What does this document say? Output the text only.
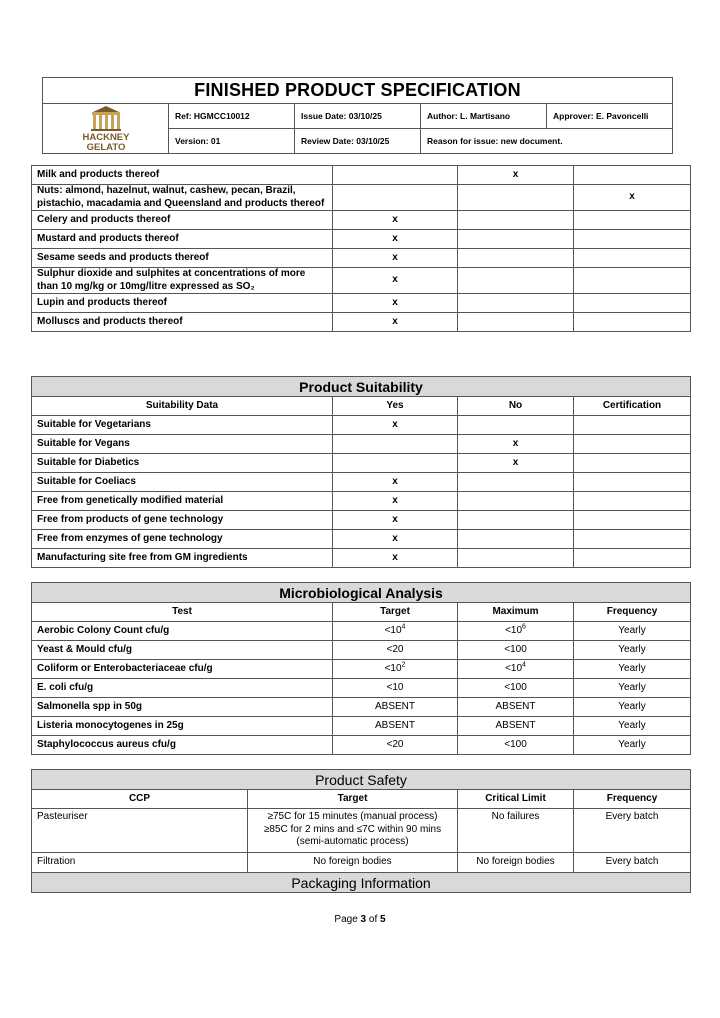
FINISHED PRODUCT SPECIFICATION				

HACKNEY
GELATO	Ref: HGMCC10012	Issue Date: 03/10/25	Author: L. Martisano	Approver: E. Pavoncelli
	Version: 01	Review Date: 03/10/25	Reason for issue: new document.	
Milk and products thereof		x	
Nuts: almond, hazelnut, walnut, cashew, pecan, Brazil, pistachio, macadamia and Queensland and products thereof			x
Celery and products thereof	x		
Mustard and products thereof	x		
Sesame seeds and products thereof	x		
Sulphur dioxide and sulphites at concentrations of more than 10 mg/kg or 10mg/litre expressed as SO₂	x		
Lupin and products thereof	x		
Molluscs and products thereof	x		
Product Suitability			
Suitability Data	Yes	No	Certification
Suitable for Vegetarians	x		
Suitable for Vegans		x	
Suitable for Diabetics		x	
Suitable for Coeliacs	x		
Free from genetically modified material	x		
Free from products of gene technology	x		
Free from enzymes of gene technology	x		
Manufacturing site free from GM ingredients	x		
Microbiological Analysis			
Test	Target	Maximum	Frequency
Aerobic Colony Count cfu/g	$<10^4$	$<10^6$	Yearly
Yeast & Mould cfu/g	<20	<100	Yearly
Coliform or Enterobacteriaceae cfu/g	$<10^2$	$<10^4$	Yearly
E. coli cfu/g	<10	<100	Yearly
Salmonella spp in 50g	ABSENT	ABSENT	Yearly
Listeria monocytogenes in 25g	ABSENT	ABSENT	Yearly
Staphylococcus aureus cfu/g	<20	<100	Yearly
Product Safety			
CCP	Target	Critical Limit	Frequency
Pasteuriser	≥75C for 15 minutes (manual process)
≥85C for 2 mins and ≤7C within 90 mins
(semi-automatic process)	No failures	Every batch
Filtration	No foreign bodies	No foreign bodies	Every batch
Packaging Information			
Page 3 of 5
